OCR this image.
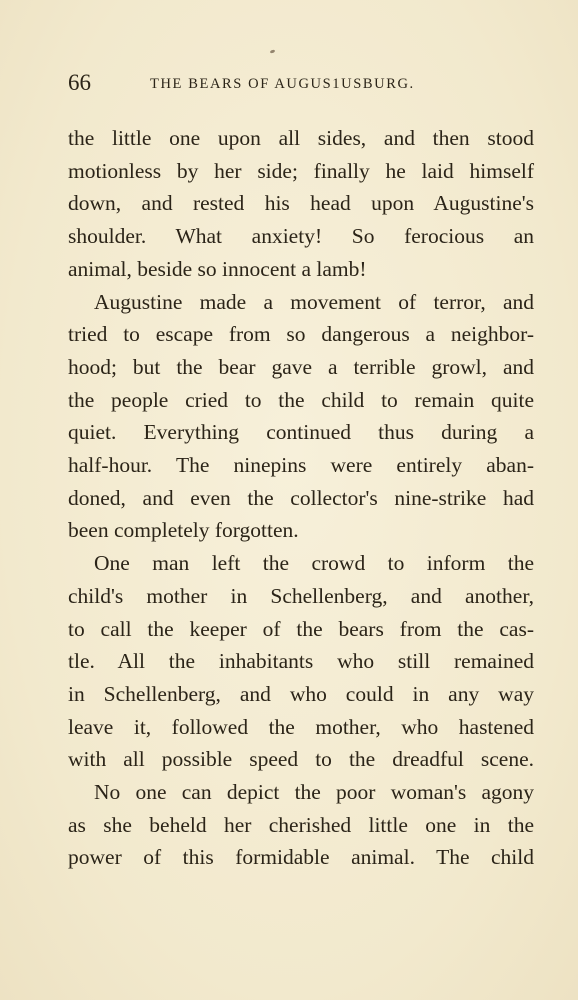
66	THE BEARS OF AUGUS1USBURG.

the little one upon all sides, and then stood
motionless by her side; finally he laid himself
down, and rested his head upon Augustine's
shoulder. What anxiety! So ferocious an
animal, beside so innocent a lamb!

Augustine made a movement of terror, and
tried to escape from so dangerous a neighbor-
hood; but the bear gave a terrible growl, and
the people cried to the child to remain quite
quiet. Everything continued thus during a
half-hour. The ninepins were entirely aban-
doned, and even the collector's nine-strike had
been completely forgotten.

One man left the crowd to inform the
child's mother in Schellenberg, and another,
to call the keeper of the bears from the cas-
tle. All the inhabitants who still remained
in Schellenberg, and who could in any way
leave it, followed the mother, who hastened
with all possible speed to the dreadful scene.

No one can depict the poor woman's agony
as she beheld her cherished little one in the
power of this formidable animal. The child
